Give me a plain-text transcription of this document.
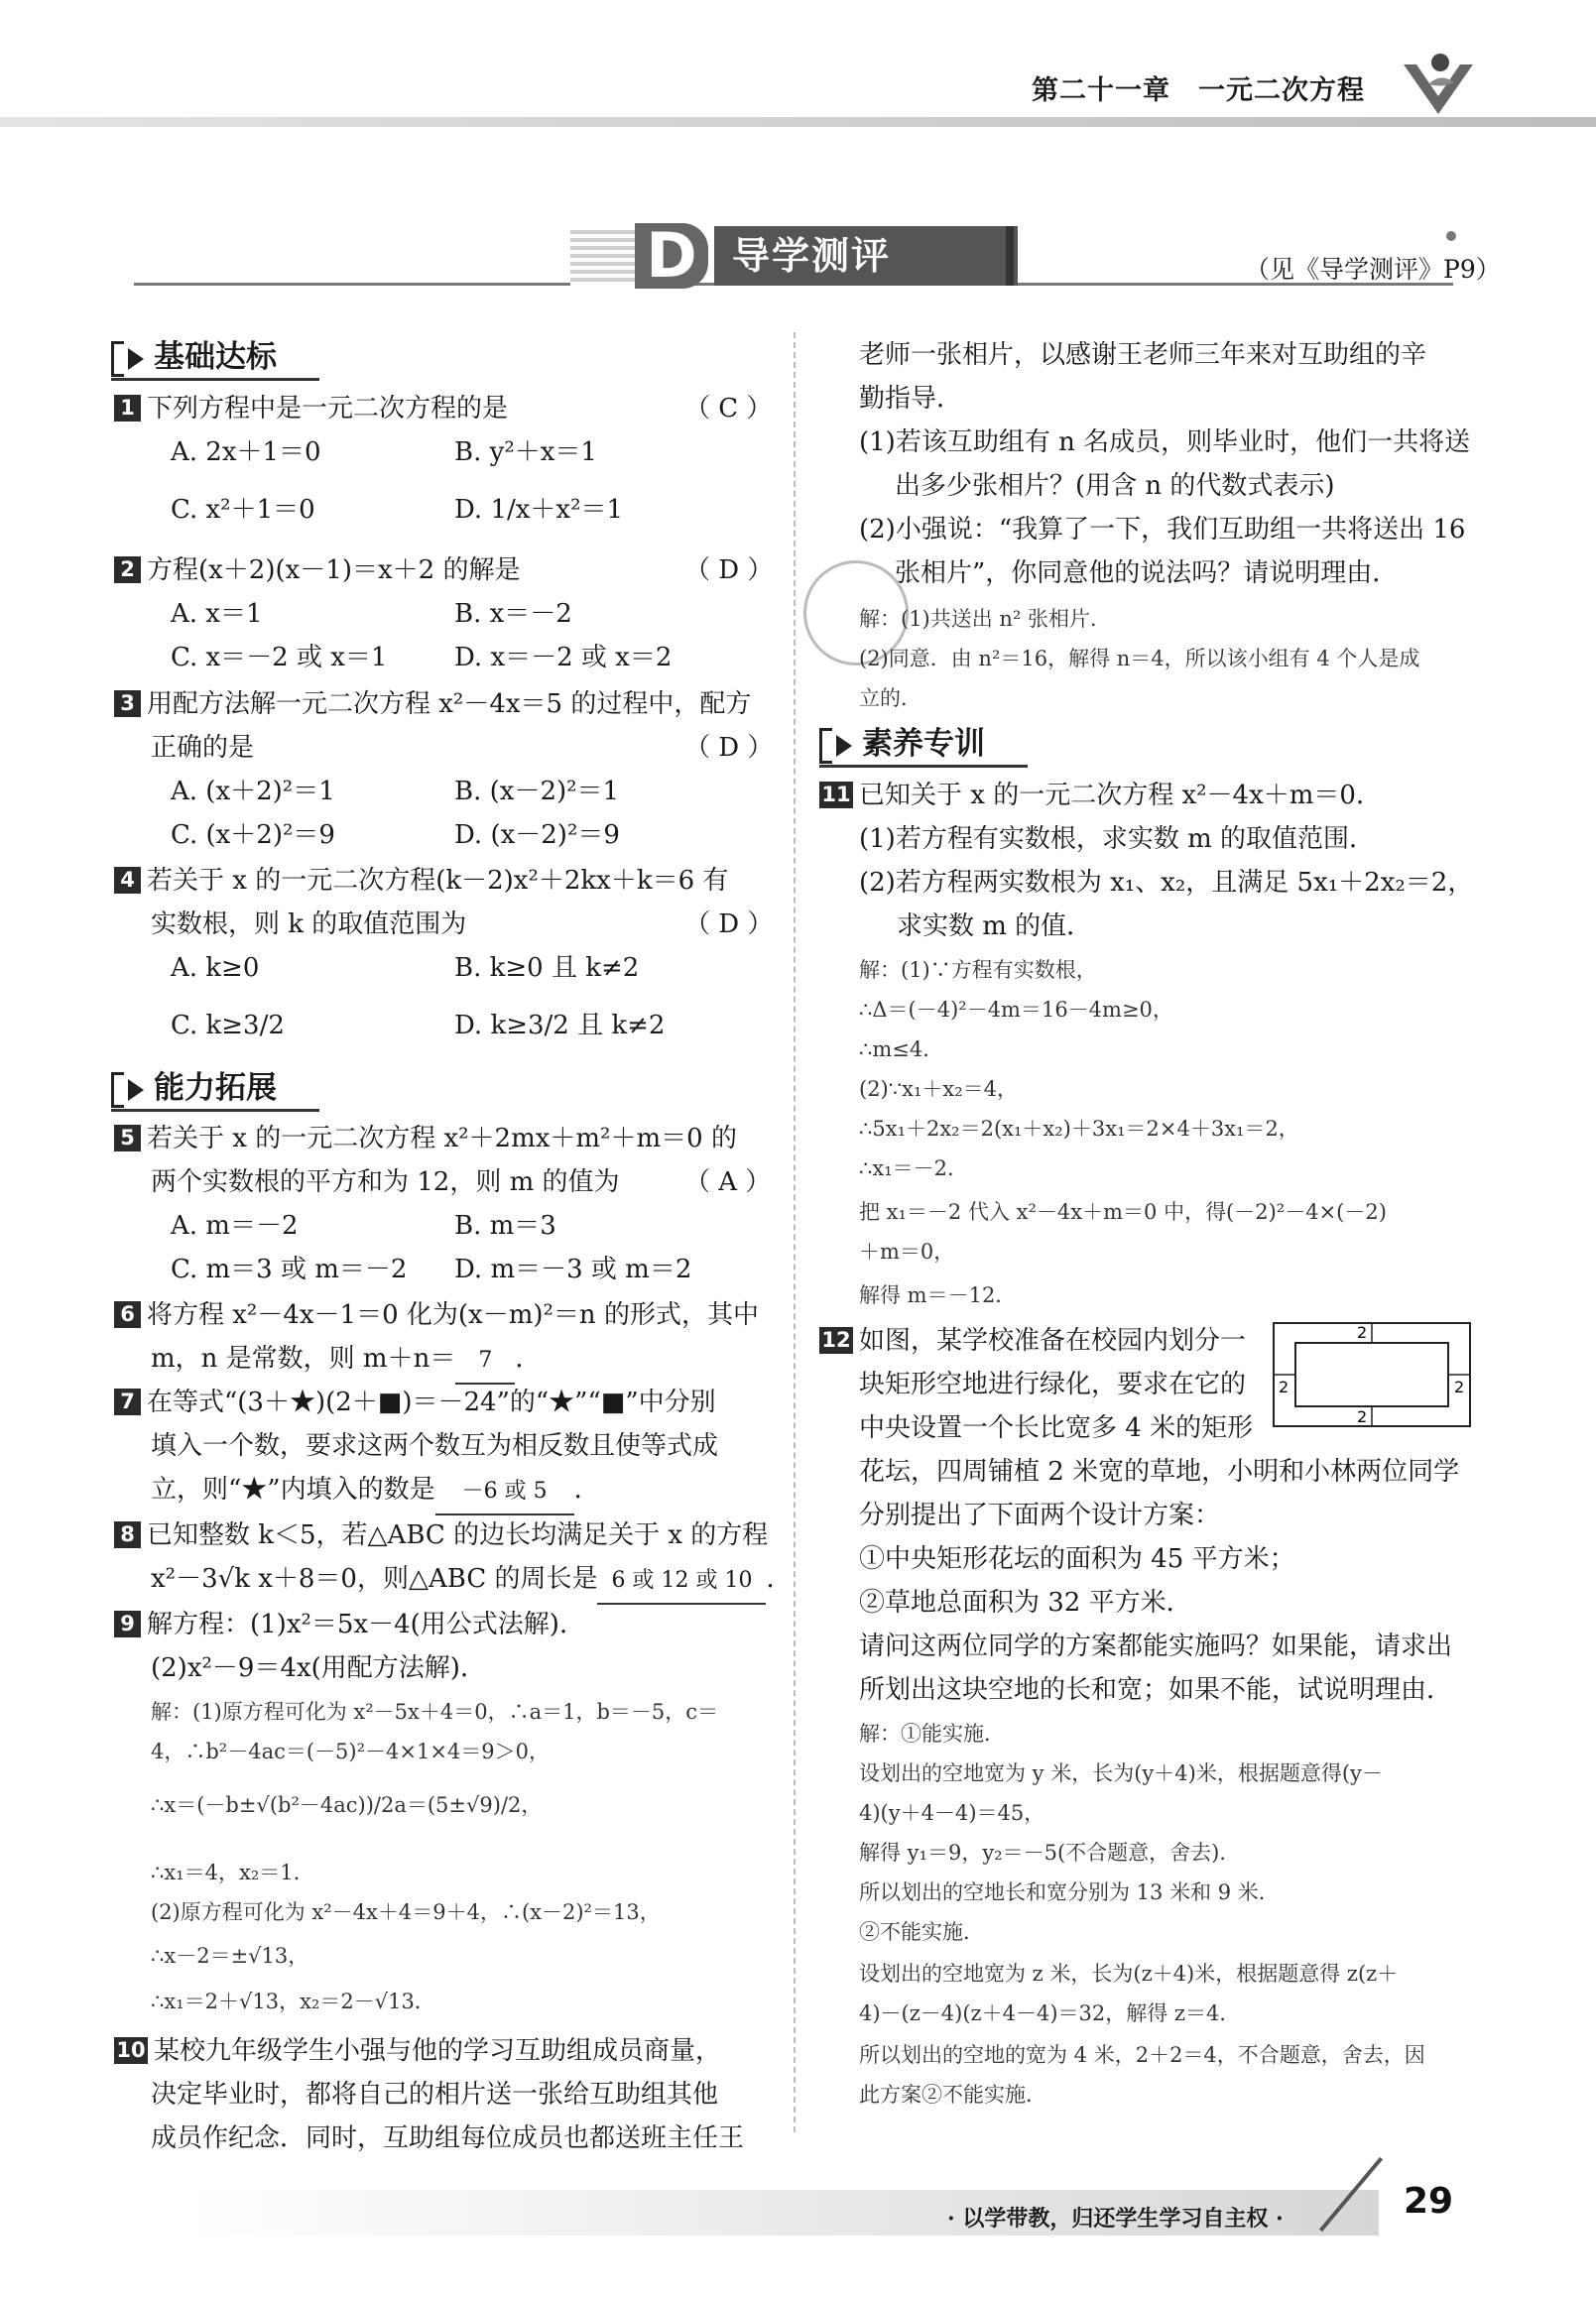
第二十一章　一元二次方程
D 导学测评	（见《导学测评》P9）
基础达标
1 下列方程中是一元二次方程的是	（ C ）
A. 2x＋1＝0	B. y²＋x＝1
C. x²＋1＝0	D. 1/x＋x²＝1
2 方程(x＋2)(x－1)＝x＋2 的解是	（ D ）
A. x＝1	B. x＝－2
C. x＝－2 或 x＝1	D. x＝－2 或 x＝2
3 用配方法解一元二次方程 x²－4x＝5 的过程中，配方
正确的是	（ D ）
A. (x＋2)²＝1	B. (x－2)²＝1
C. (x＋2)²＝9	D. (x－2)²＝9
4 若关于 x 的一元二次方程(k－2)x²＋2kx＋k＝6 有
实数根，则 k 的取值范围为	（ D ）
A. k≥0	B. k≥0 且 k≠2
C. k≥3/2	D. k≥3/2 且 k≠2
能力拓展
5 若关于 x 的一元二次方程 x²＋2mx＋m²＋m＝0 的
两个实数根的平方和为 12，则 m 的值为	（ A ）
A. m＝－2	B. m＝3
C. m＝3 或 m＝－2 D. m＝－3 或 m＝2
6 将方程 x²－4x－1＝0 化为(x－m)²＝n 的形式，其中
m，n 是常数，则 m＋n＝ 7 ．
7 在等式“(3＋★)(2＋■)＝－24”的“★”“■”中分别
填入一个数，要求这两个数互为相反数且使等式成
立，则“★”内填入的数是 －6 或 5 ．
8 已知整数 k＜5，若△ABC 的边长均满足关于 x 的方程
x²－3√k x＋8＝0，则△ABC 的周长是 6 或 12 或 10 ．
9 解方程：(1)x²＝5x－4(用公式法解)．
(2)x²－9＝4x(用配方法解)．
解：(1)原方程可化为 x²－5x＋4＝0，∴a＝1，b＝－5，c＝
4，∴b²－4ac＝(－5)²－4×1×4＝9＞0，
∴x＝(－b±√(b²－4ac))/2a＝(5±√9)/2，
∴x₁＝4，x₂＝1．
(2)原方程可化为 x²－4x＋4＝9＋4，∴(x－2)²＝13，
∴x－2＝±√13，
∴x₁＝2＋√13，x₂＝2－√13．
10 某校九年级学生小强与他的学习互助组成员商量，
决定毕业时，都将自己的相片送一张给互助组其他
成员作纪念．同时，互助组每位成员也都送班主任王
老师一张相片，以感谢王老师三年来对互助组的辛
勤指导．
(1)若该互助组有 n 名成员，则毕业时，他们一共将送
出多少张相片？(用含 n 的代数式表示)
(2)小强说：“我算了一下，我们互助组一共将送出 16
张相片”，你同意他的说法吗？请说明理由．
解：(1)共送出 n² 张相片．
(2)同意．由 n²＝16，解得 n＝4，所以该小组有 4 个人是成
立的．
素养专训
11 已知关于 x 的一元二次方程 x²－4x＋m＝0．
(1)若方程有实数根，求实数 m 的取值范围．
(2)若方程两实数根为 x₁、x₂，且满足 5x₁＋2x₂＝2，
求实数 m 的值．
解：(1)∵方程有实数根，
∴Δ＝(－4)²－4m＝16－4m≥0，
∴m≤4．
(2)∵x₁＋x₂＝4，
∴5x₁＋2x₂＝2(x₁＋x₂)＋3x₁＝2×4＋3x₁＝2，
∴x₁＝－2．
把 x₁＝－2 代入 x²－4x＋m＝0 中，得(－2)²－4×(－2)
＋m＝0，
解得 m＝－12．
12 如图，某学校准备在校园内划分一
块矩形空地进行绿化，要求在它的
中央设置一个长比宽多 4 米的矩形
花坛，四周铺植 2 米宽的草地，小明和小林两位同学
分别提出了下面两个设计方案：
①中央矩形花坛的面积为 45 平方米；
②草地总面积为 32 平方米．
请问这两位同学的方案都能实施吗？如果能，请求出
所划出这块空地的长和宽；如果不能，试说明理由．
2
2
2	2
解：①能实施．
设划出的空地宽为 y 米，长为(y＋4)米，根据题意得(y－
4)(y＋4－4)＝45，
解得 y₁＝9，y₂＝－5(不合题意，舍去)．
所以划出的空地长和宽分别为 13 米和 9 米．
②不能实施．
设划出的空地宽为 z 米，长为(z＋4)米，根据题意得 z(z＋
4)－(z－4)(z＋4－4)＝32，解得 z＝4．
所以划出的空地的宽为 4 米，2＋2＝4，不合题意，舍去，因
此方案②不能实施．
· 以学带教，归还学生学习自主权 ·	29
